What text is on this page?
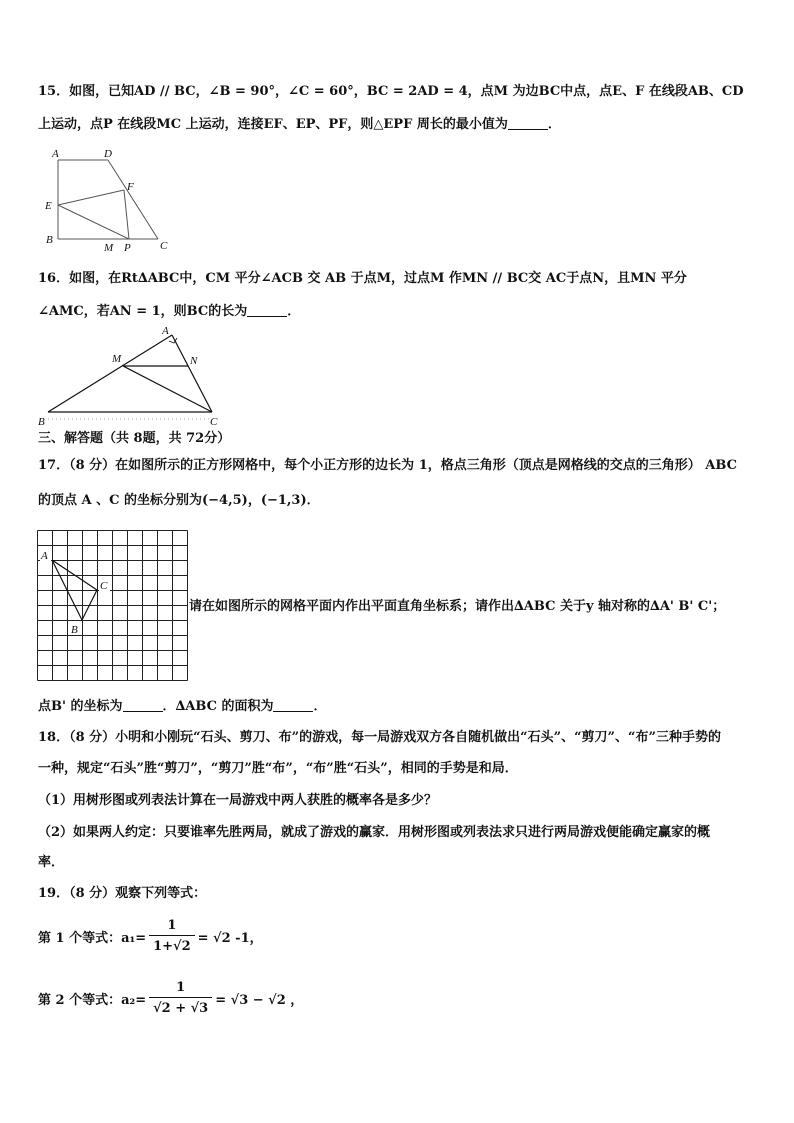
15．如图，已知AD // BC，∠B = 90°，∠C = 60°，BC = 2AD = 4，点M 为边BC中点，点E、F 在线段AB、CD
上运动，点P 在线段MC 上运动，连接EF、EP、PF，则△EPF 周长的最小值为	．
A	D
F
E
B
M P	C
16．如图，在Rt∆ABC中，CM 平分∠ACB 交 AB 于点M，过点M 作MN // BC交 AC于点N，且MN 平分
∠AMC，若AN = 1，则BC的长为	．
A
M	N
B	C
三、解答题（共 8题，共 72分）
17．（8 分）在如图所示的正方形网格中，每个小正方形的边长为 1，格点三角形（顶点是网格线的交点的三角形） ABC
的顶点 A 、C 的坐标分别为(−4,5)，(−1,3)．
A
C
B
请在如图所示的网格平面内作出平面直角坐标系；请作出∆ABC 关于y 轴对称的∆A' B' C'；
点B' 的坐标为	．∆ABC 的面积为	．
18．（8 分）小明和小刚玩“石头、剪刀、布”的游戏，每一局游戏双方各自随机做出“石头”、“剪刀”、“布”三种手势的
一种，规定“石头”胜“剪刀”，“剪刀”胜“布”，“布”胜“石头”，相同的手势是和局．
（1）用树形图或列表法计算在一局游戏中两人获胜的概率各是多少？
（2）如果两人约定：只要谁率先胜两局，就成了游戏的赢家．用树形图或列表法求只进行两局游戏便能确定赢家的概
率．
19．（8 分）观察下列等式：
第 1 个等式：$a_1= \frac{1}{1+√2} = √2$ -1，
第 2 个等式：$a_2= \frac{1}{√2 + √3} = √3 - √2$ ，
